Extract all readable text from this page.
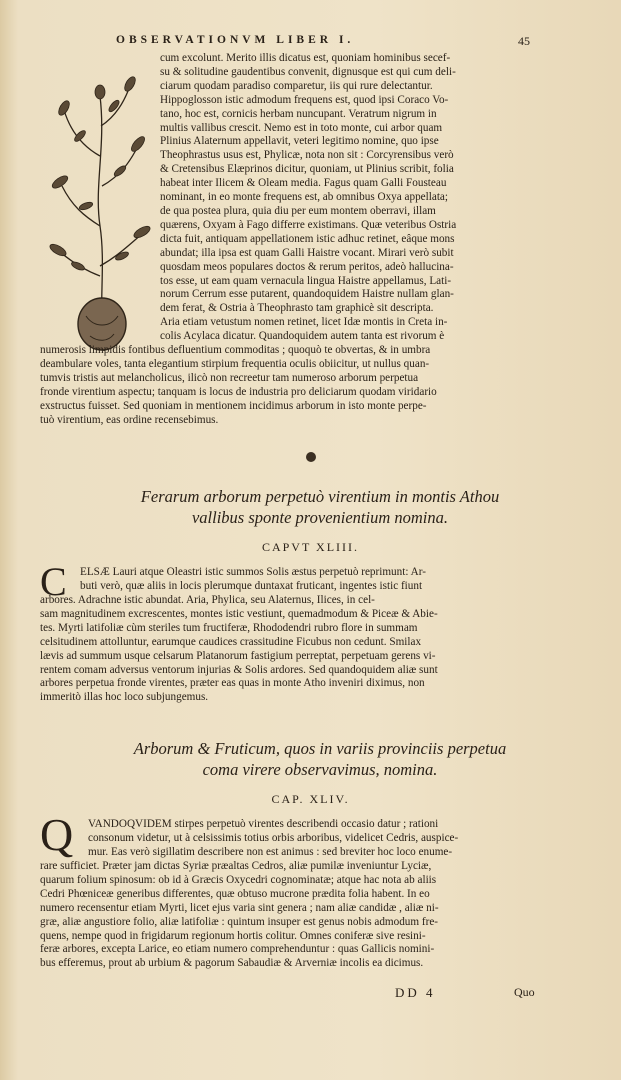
OBSERVATIONVM LIBER I.	45

cum excolunt. Merito illis dicatus est, quoniam hominibus secef-

su & solitudine gaudentibus convenit, dignusque est qui cum deli-

ciarum quodam paradiso comparetur, iis qui rure delectantur.

Hippoglosson istic admodum frequens est, quod ipsi Coraco Vo-

tano, hoc est, cornicis herbam nuncupant. Veratrum nigrum in

multis vallibus crescit. Nemo est in toto monte, cui arbor quam

Plinius Alaternum appellavit, veteri legitimo nomine, quo ipse

Theophrastus usus est, Phylicæ, nota non sit : Corcyrensibus verò

& Cretensibus Elæprinos dicitur, quoniam, ut Plinius scribit, folia

habeat inter Ilicem & Oleam media. Fagus quam Galli Fousteau

nominant, in eo monte frequens est, ab omnibus Oxya appellata;

de qua postea plura, quia diu per eum montem oberravi, illam

quærens, Oxyam à Fago differre existimans. Quæ veteribus Ostria

dicta fuit, antiquam appellationem istic adhuc retinet, eâque mons

abundat; illa ipsa est quam Galli Haistre vocant. Mirari verò subit

quosdam meos populares doctos & rerum peritos, adeò hallucina-

tos esse, ut eam quam vernacula lingua Haistre appellamus, Lati-

norum Cerrum esse putarent, quandoquidem Haistre nullam glan-

dem ferat, & Ostria à Theophrasto tam graphicè sit descripta.

Aria etiam vetustum nomen retinet, licet Idæ montis in Creta in-

colis Acylaca dicatur. Quandoquidem autem tanta est rivorum è

numerosis limpidis fontibus defluentium commoditas ; quoquò te obvertas, & in umbra

deambulare voles, tanta elegantium stirpium frequentia oculis obiicitur, ut nullus quan-

tumvis tristis aut melancholicus, ilicò non recreetur tam numeroso arborum perpetua

fronde virentium aspectu; tanquam is locus de industria pro deliciarum quodam viridario

exstructus fuisset. Sed quoniam in mentionem incidimus arborum in isto monte perpe-

tuò virentium, eas ordine recensebimus.

Ferarum arborum perpetuò virentium in montis Athou

vallibus sponte provenientium nomina.

CAPVT XLIII.
C ELSÆ Lauri atque Oleastri istic summos Solis æstus perpetuò reprimunt: Ar-

buti verò, quæ aliis in locis plerumque duntaxat fruticant, ingentes istic fiunt

arbores. Adrachne istic abundat. Aria, Phylica, seu Alaternus, Ilices, in cel-

sam magnitudinem excrescentes, montes istic vestiunt, quemadmodum & Piceæ & Abie-

tes. Myrti latifoliæ cùm steriles tum fructiferæ, Rhododendri rubro flore in summam

celsitudinem attolluntur, earumque caudices crassitudine Ficubus non cedunt. Smilax

lævis ad summum usque celsarum Platanorum fastigium perreptat, perpetuam gerens vi-

rentem comam adversus ventorum injurias & Solis ardores. Sed quandoquidem aliæ sunt

arbores perpetua fronde virentes, præter eas quas in monte Atho inveniri diximus, non

immeritò illas hoc loco subjungemus.

Arborum & Fruticum, quos in variis provinciis perpetua

coma virere observavimus, nomina.

CAP. XLIV.
Q VANDOQVIDEM stirpes perpetuò virentes describendi occasio datur ; rationi

consonum videtur, ut à celsissimis totius orbis arboribus, videlicet Cedris, auspice-

mur. Eas verò sigillatim describere non est animus : sed breviter hoc loco enume-

rare sufficiet. Præter jam dictas Syriæ præaltas Cedros, aliæ pumilæ inveniuntur Lyciæ,

quarum folium spinosum: ob id à Græcis Oxycedri cognominatæ; atque hac nota ab aliis

Cedri Phœniceæ generibus differentes, quæ obtuso mucrone prædita folia habent. In eo

numero recensentur etiam Myrti, licet ejus varia sint genera ; nam aliæ candidæ , aliæ ni-

græ, aliæ angustiore folio, aliæ latifoliæ : quintum insuper est genus nobis admodum fre-

quens, nempe quod in frigidarum regionum hortis colitur. Omnes coniferæ sive resini-

feræ arbores, excepta Larice, eo etiam numero comprehenduntur : quas Gallicis nomini-

bus efferemus, prout ab urbium & pagorum Sabaudiæ & Arverniæ incolis ea dicimus.

DD 4	Quo
